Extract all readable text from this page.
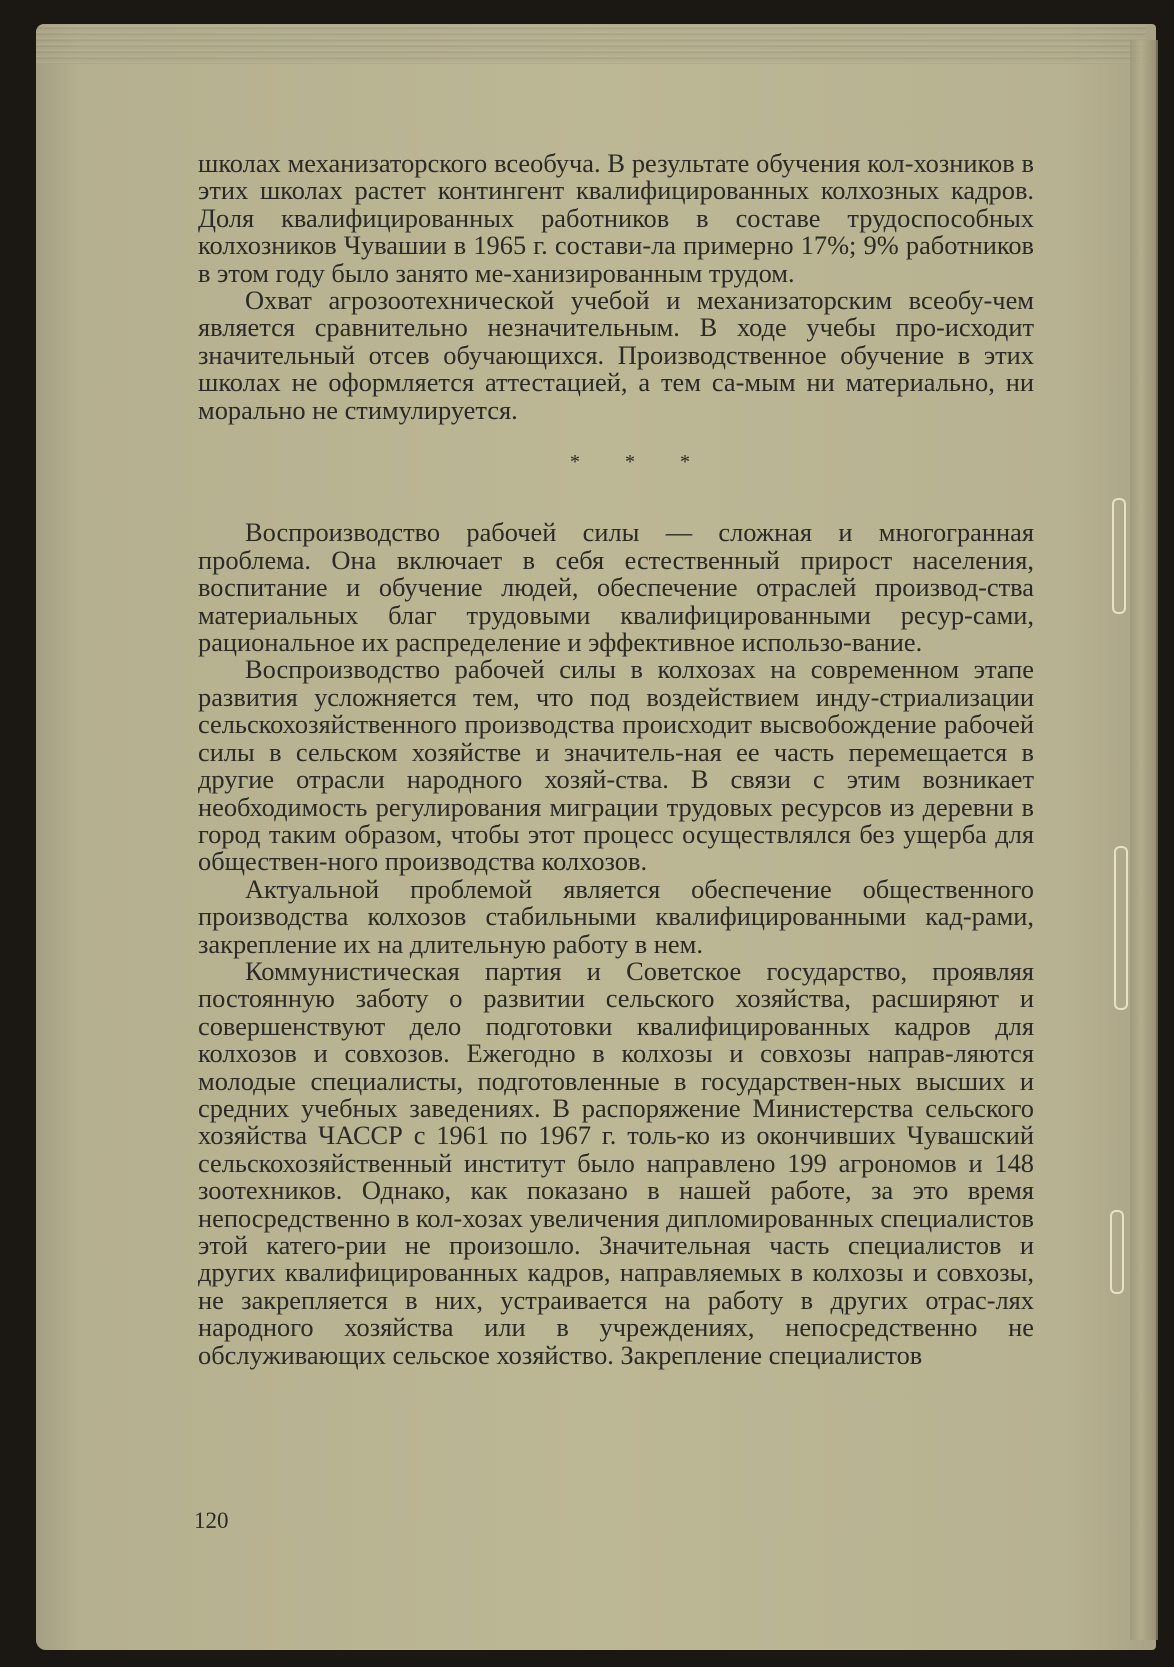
школах механизаторского всеобуча. В результате обучения кол-хозников в этих школах растет контингент квалифицированных колхозных кадров. Доля квалифицированных работников в составе трудоспособных колхозников Чувашии в 1965 г. состави-ла примерно 17%; 9% работников в этом году было занято ме-ханизированным трудом.

Охват агрозоотехнической учебой и механизаторским всеобу-чем является сравнительно незначительным. В ходе учебы про-исходит значительный отсев обучающихся. Производственное обучение в этих школах не оформляется аттестацией, а тем са-мым ни материально, ни морально не стимулируется.

* * *

Воспроизводство рабочей силы — сложная и многогранная проблема. Она включает в себя естественный прирост населения, воспитание и обучение людей, обеспечение отраслей производ-ства материальных благ трудовыми квалифицированными ресур-сами, рациональное их распределение и эффективное использо-вание.

Воспроизводство рабочей силы в колхозах на современном этапе развития усложняется тем, что под воздействием инду-стриализации сельскохозяйственного производства происходит высвобождение рабочей силы в сельском хозяйстве и значитель-ная ее часть перемещается в другие отрасли народного хозяй-ства. В связи с этим возникает необходимость регулирования миграции трудовых ресурсов из деревни в город таким образом, чтобы этот процесс осуществлялся без ущерба для обществен-ного производства колхозов.

Актуальной проблемой является обеспечение общественного производства колхозов стабильными квалифицированными кад-рами, закрепление их на длительную работу в нем.

Коммунистическая партия и Советское государство, проявляя постоянную заботу о развитии сельского хозяйства, расширяют и совершенствуют дело подготовки квалифицированных кадров для колхозов и совхозов. Ежегодно в колхозы и совхозы направ-ляются молодые специалисты, подготовленные в государствен-ных высших и средних учебных заведениях. В распоряжение Министерства сельского хозяйства ЧАССР с 1961 по 1967 г. толь-ко из окончивших Чувашский сельскохозяйственный институт было направлено 199 агрономов и 148 зоотехников. Однако, как показано в нашей работе, за это время непосредственно в кол-хозах увеличения дипломированных специалистов этой катего-рии не произошло. Значительная часть специалистов и других квалифицированных кадров, направляемых в колхозы и совхозы, не закрепляется в них, устраивается на работу в других отрас-лях народного хозяйства или в учреждениях, непосредственно не обслуживающих сельское хозяйство. Закрепление специалистов

120
